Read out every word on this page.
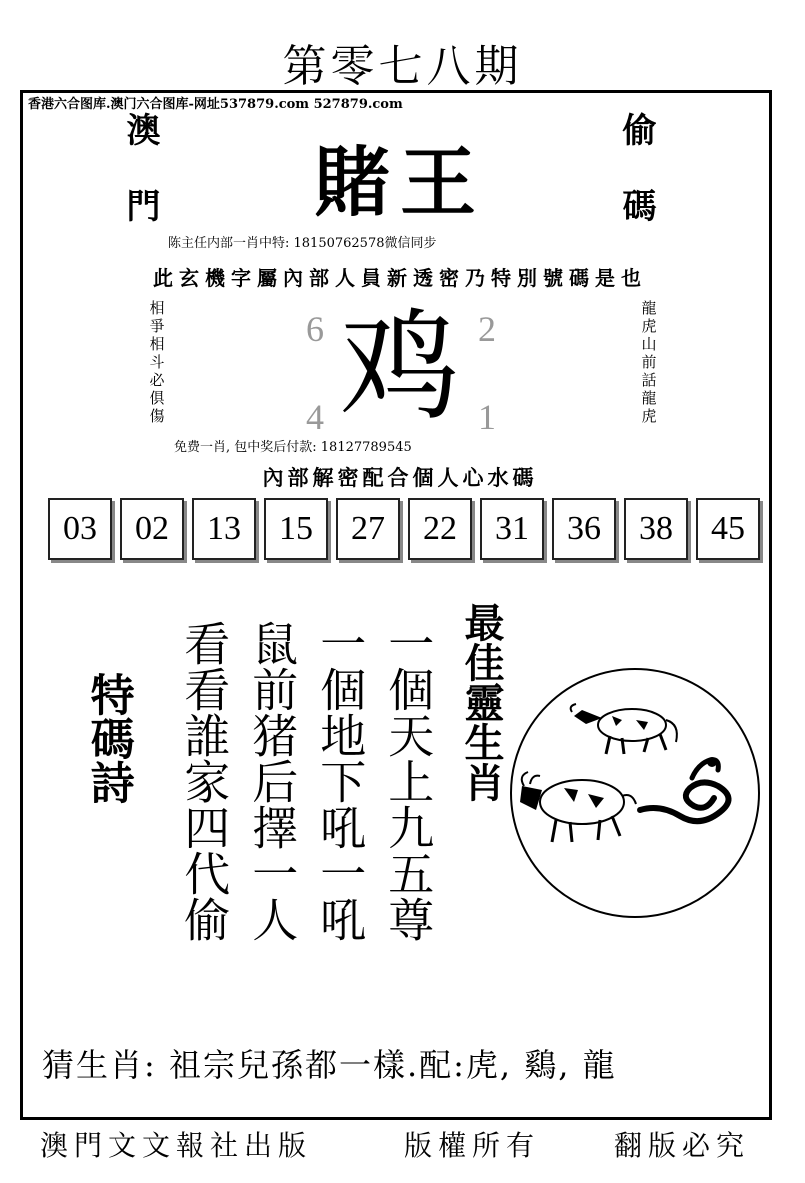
第零七八期
香港六合图库.澳门六合图库-网址537879.com 527879.com
澳門	偷碼
賭王
陈主任内部一肖中特: 18150762578微信同步
此玄機字屬內部人員新透密乃特別號碼是也
相爭相斗必俱傷	龍虎山前話龍虎
6	2
4	1
鸡
免费一肖, 包中奖后付款: 18127789545
內部解密配合個人心水碼
03	02	13	15	27	22	31	36	38	45
特碼詩 看看誰家四代偷 鼠前猪后擇一人 一個地下吼一吼 一個天上九五尊 最佳靈生肖
猜生肖: 祖宗兒孫都一樣.配:虎, 鷄, 龍
澳門文文報社出版	版權所有	翻版必究
